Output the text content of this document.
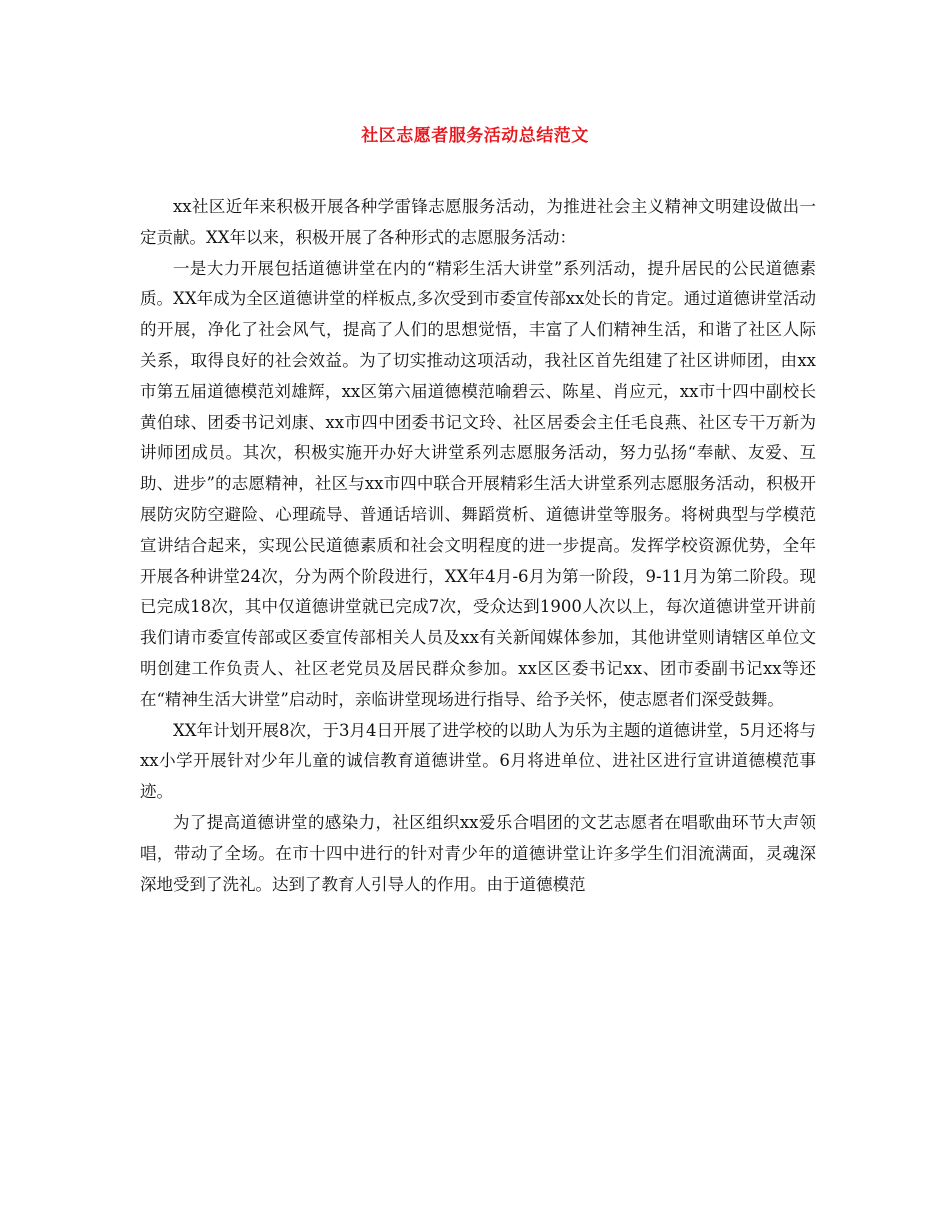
社区志愿者服务活动总结范文

xx社区近年来积极开展各种学雷锋志愿服务活动，为推进社会主义精神文明建设做出一定贡献。XX年以来，积极开展了各种形式的志愿服务活动：

一是大力开展包括道德讲堂在内的“精彩生活大讲堂”系列活动，提升居民的公民道德素质。XX年成为全区道德讲堂的样板点,多次受到市委宣传部xx处长的肯定。通过道德讲堂活动的开展，净化了社会风气，提高了人们的思想觉悟，丰富了人们精神生活，和谐了社区人际关系，取得良好的社会效益。为了切实推动这项活动，我社区首先组建了社区讲师团，由xx市第五届道德模范刘雄辉，xx区第六届道德模范喻碧云、陈星、肖应元，xx市十四中副校长黄伯球、团委书记刘康、xx市四中团委书记文玲、社区居委会主任毛良燕、社区专干万新为讲师团成员。其次，积极实施开办好大讲堂系列志愿服务活动，努力弘扬“奉献、友爱、互助、进步”的志愿精神，社区与xx市四中联合开展精彩生活大讲堂系列志愿服务活动，积极开展防灾防空避险、心理疏导、普通话培训、舞蹈赏析、道德讲堂等服务。将树典型与学模范宣讲结合起来，实现公民道德素质和社会文明程度的进一步提高。发挥学校资源优势，全年开展各种讲堂24次，分为两个阶段进行，XX年4月-6月为第一阶段，9-11月为第二阶段。现已完成18次，其中仅道德讲堂就已完成7次，受众达到1900人次以上，每次道德讲堂开讲前我们请市委宣传部或区委宣传部相关人员及xx有关新闻媒体参加，其他讲堂则请辖区单位文明创建工作负责人、社区老党员及居民群众参加。xx区区委书记xx、团市委副书记xx等还在“精神生活大讲堂”启动时，亲临讲堂现场进行指导、给予关怀，使志愿者们深受鼓舞。

XX年计划开展8次，于3月4日开展了进学校的以助人为乐为主题的道德讲堂，5月还将与xx小学开展针对少年儿童的诚信教育道德讲堂。6月将进单位、进社区进行宣讲道德模范事迹。

为了提高道德讲堂的感染力，社区组织xx爱乐合唱团的文艺志愿者在唱歌曲环节大声领唱，带动了全场。在市十四中进行的针对青少年的道德讲堂让许多学生们泪流满面，灵魂深深地受到了洗礼。达到了教育人引导人的作用。由于道德模范
